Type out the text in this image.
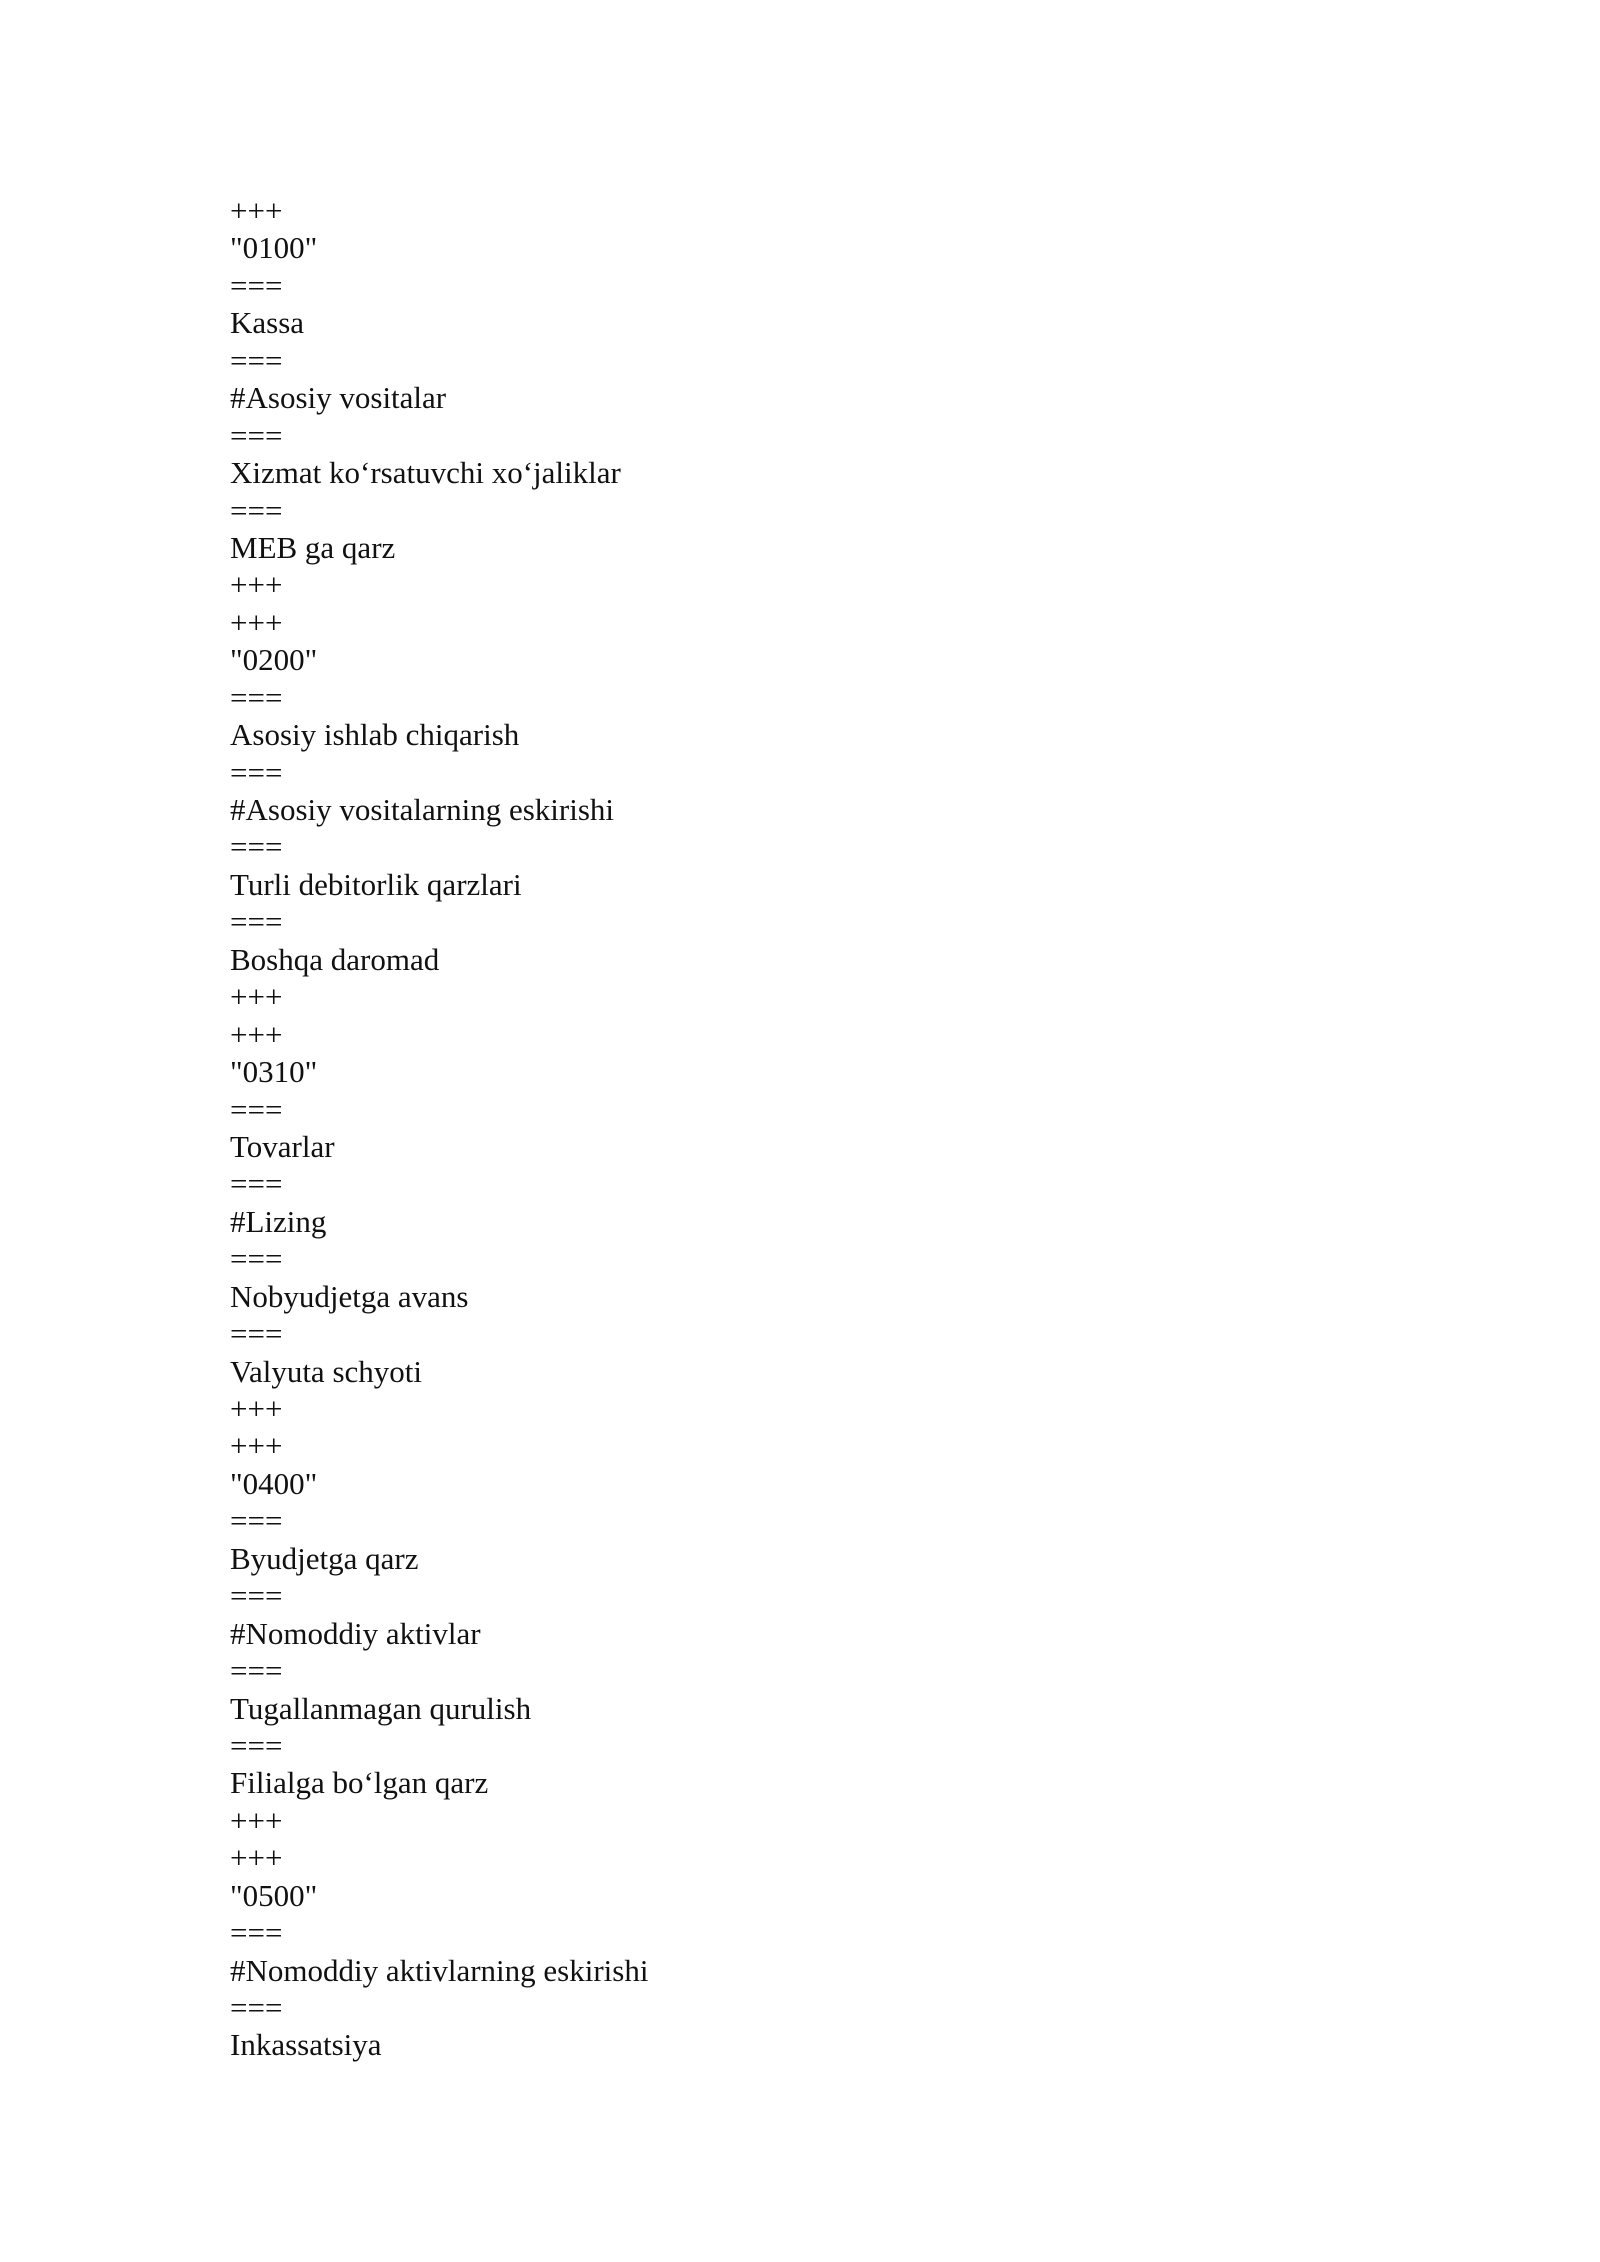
+++
"0100"
===
Kassa
===
#Asosiy vositalar
===
Xizmat ko‘rsatuvchi xo‘jaliklar
===
MEB ga qarz
+++
+++
"0200"
===
Asosiy ishlab chiqarish
===
#Asosiy vositalarning eskirishi
===
Turli debitorlik qarzlari
===
Boshqa daromad
+++
+++
"0310"
===
Tovarlar
===
#Lizing
===
Nobyudjetga avans
===
Valyuta schyoti
+++
+++
"0400"
===
Byudjetga qarz
===
#Nomoddiy aktivlar
===
Tugallanmagan qurulish
===
Filialga bo‘lgan qarz
+++
+++
"0500"
===
#Nomoddiy aktivlarning eskirishi
===
Inkassatsiya
